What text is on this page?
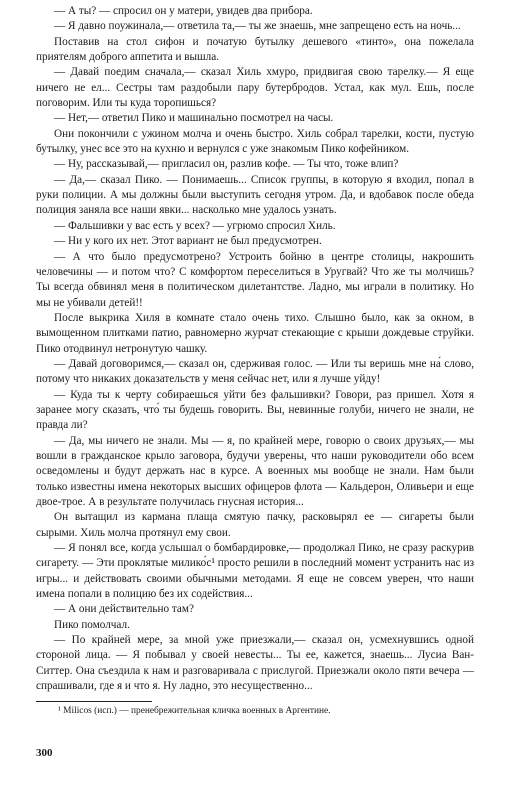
— А ты? — спросил он у матери, увидев два прибора.

— Я давно поужинала,— ответила та,— ты же знаешь, мне запрещено есть на ночь...

Поставив на стол сифон и початую бутылку дешевого «тинто», она пожелала приятелям доброго аппетита и вышла.

— Давай поедим сначала,— сказал Хиль хмуро, придвигая свою тарелку.— Я еще ничего не ел... Сестры там раздобыли пару бутербродов. Устал, как мул. Ешь, после поговорим. Или ты куда торопишься?

— Нет,— ответил Пико и машинально посмотрел на часы.

Они покончили с ужином молча и очень быстро. Хиль собрал тарелки, кости, пустую бутылку, унес все это на кухню и вернулся с уже знакомым Пико кофейником.

— Ну, рассказывай,— пригласил он, разлив кофе. — Ты что, тоже влип?

— Да,— сказал Пико. — Понимаешь... Список группы, в которую я входил, попал в руки полиции. А мы должны были выступить сегодня утром. Да, и вдобавок после обеда полиция заняла все наши явки... насколько мне удалось узнать.

— Фальшивки у вас есть у всех? — угрюмо спросил Хиль.

— Ни у кого их нет. Этот вариант не был предусмотрен.

— А что было предусмотрено? Устроить бойню в центре столицы, накрошить человечины — и потом что? С комфортом переселиться в Уругвай? Что же ты молчишь? Ты всегда обвинял меня в политическом дилетантстве. Ладно, мы играли в политику. Но мы не убивали детей!!

После выкрика Хиля в комнате стало очень тихо. Слышно было, как за окном, в вымощенном плитками патио, равномерно журчат стекающие с крыши дождевые струйки. Пико отодвинул нетронутую чашку.

— Давай договоримся,— сказал он, сдерживая голос. — Или ты веришь мне на́ слово, потому что никаких доказательств у меня сейчас нет, или я лучше уйду!

— Куда ты к черту собираешься уйти без фальшивки? Говори, раз пришел. Хотя я заранее могу сказать, что́ ты будешь говорить. Вы, невинные голуби, ничего не знали, не правда ли?

— Да, мы ничего не знали. Мы — я, по крайней мере, говорю о своих друзьях,— мы вошли в гражданское крыло заговора, будучи уверены, что наши руководители обо всем осведомлены и будут держать нас в курсе. А военных мы вообще не знали. Нам были только известны имена некоторых высших офицеров флота — Кальдерон, Оливьери и еще двое-трое. А в результате получилась гнусная история...

Он вытащил из кармана плаща смятую пачку, расковырял ее — сигареты были сырыми. Хиль молча протянул ему свои.

— Я понял все, когда услышал о бомбардировке,— продолжал Пико, не сразу раскурив сигарету. — Эти проклятые милико́с¹ просто решили в последний момент устранить нас из игры... и действовать своими обычными методами. Я еще не совсем уверен, что наши имена попали в полицию без их содействия...

— А они действительно там?

Пико помолчал.

— По крайней мере, за мной уже приезжали,— сказал он, усмехнувшись одной стороной лица. — Я побывал у своей невесты... Ты ее, кажется, знаешь... Лусиа Ван-Ситтер. Она съездила к нам и разговаривала с прислугой. Приезжали около пяти вечера — спрашивали, где я и что я. Ну ладно, это несущественно...

¹ Milicos (исп.) — пренебрежительная кличка военных в Аргентине.

300
